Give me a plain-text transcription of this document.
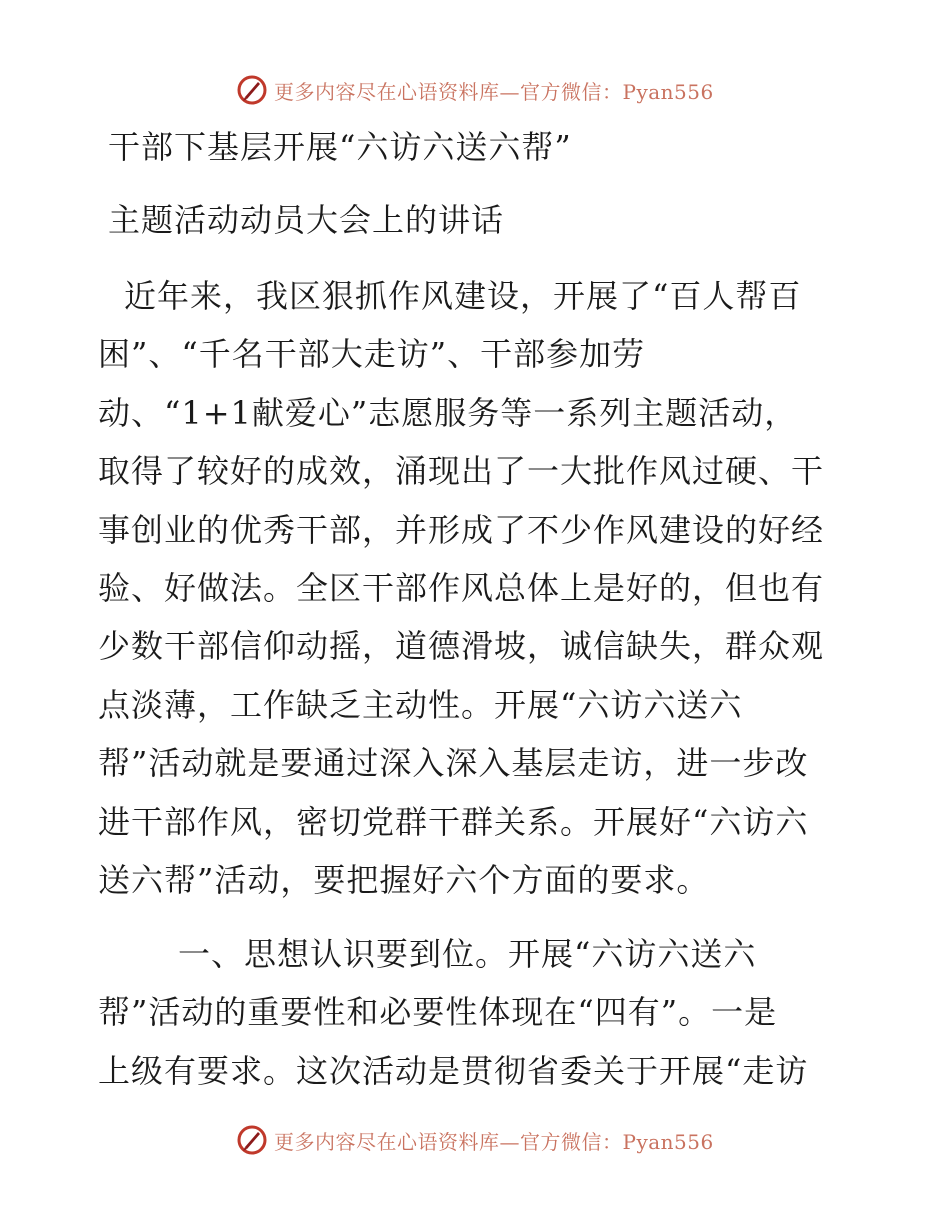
更多内容尽在心语资料库—官方微信：Pyan556
干部下基层开展“六访六送六帮”
主题活动动员大会上的讲话
近年来，我区狠抓作风建设，开展了“百人帮百
困”、“千名干部大走访”、干部参加劳
动、“1+1献爱心”志愿服务等一系列主题活动，
取得了较好的成效，涌现出了一大批作风过硬、干
事创业的优秀干部，并形成了不少作风建设的好经
验、好做法。全区干部作风总体上是好的，但也有
少数干部信仰动摇，道德滑坡，诚信缺失，群众观
点淡薄，工作缺乏主动性。开展“六访六送六
帮”活动就是要通过深入深入基层走访，进一步改
进干部作风，密切党群干群关系。开展好“六访六
送六帮”活动，要把握好六个方面的要求。
一、思想认识要到位。开展“六访六送六
帮”活动的重要性和必要性体现在“四有”。一是
上级有要求。这次活动是贯彻省委关于开展“走访
更多内容尽在心语资料库—官方微信：Pyan556
